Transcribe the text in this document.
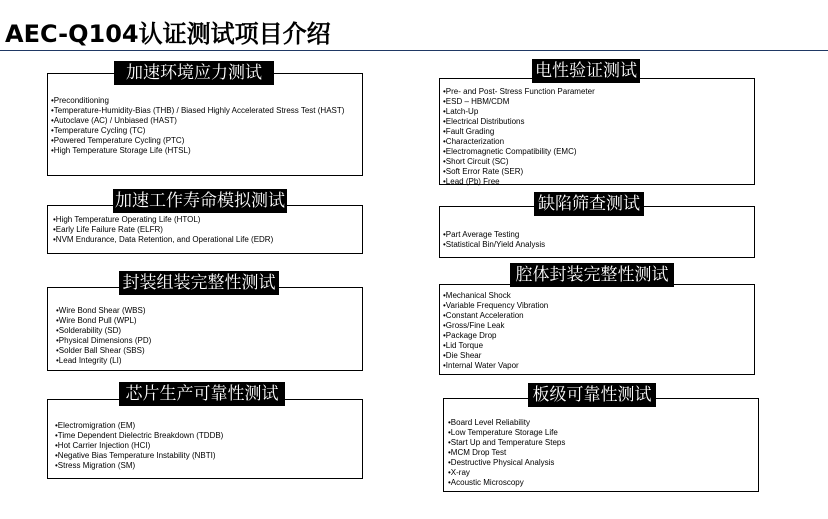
AEC-Q104认证测试项目介绍
•Preconditioning
•Temperature-Humidity-Bias (THB) / Biased Highly Accelerated Stress Test (HAST)
•Autoclave (AC) / Unbiased (HAST)
•Temperature Cycling (TC)
•Powered Temperature Cycling (PTC)
•High Temperature Storage Life (HTSL)
加速环境应力测试
•High Temperature Operating Life (HTOL)
•Early Life Failure Rate (ELFR)
•NVM Endurance, Data Retention, and Operational Life (EDR)
加速工作寿命模拟测试
•Wire Bond Shear (WBS)
•Wire Bond Pull (WPL)
•Solderability (SD)
•Physical Dimensions (PD)
•Solder Ball Shear (SBS)
•Lead Integrity (LI)
封装组装完整性测试
•Electromigration (EM)
•Time Dependent Dielectric Breakdown (TDDB)
•Hot Carrier Injection (HCI)
•Negative Bias Temperature Instability (NBTI)
•Stress Migration (SM)
芯片生产可靠性测试
•Pre- and Post- Stress Function Parameter
•ESD – HBM/CDM
•Latch-Up
•Electrical Distributions
•Fault Grading
•Characterization
•Electromagnetic Compatibility (EMC)
•Short Circuit (SC)
•Soft Error Rate (SER)
•Lead (Pb) Free
电性验证测试
•Part Average Testing
•Statistical Bin/Yield Analysis
缺陷筛查测试
•Mechanical Shock
•Variable Frequency Vibration
•Constant Acceleration
•Gross/Fine Leak
•Package Drop
•Lid Torque
•Die Shear
•Internal Water Vapor
腔体封装完整性测试
•Board Level Reliability
•Low Temperature Storage Life
•Start Up and Temperature Steps
•MCM Drop Test
•Destructive Physical Analysis
•X-ray
•Acoustic Microscopy
板级可靠性测试
